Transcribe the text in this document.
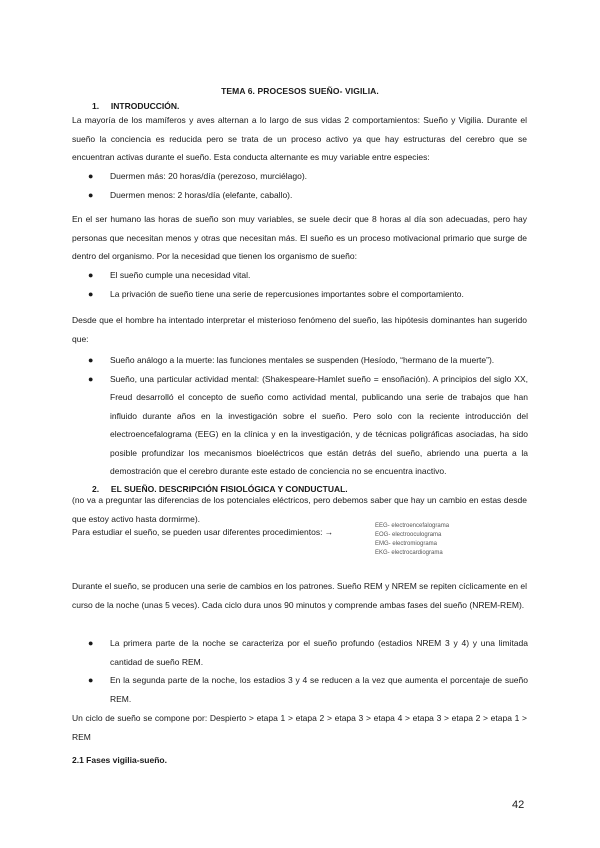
TEMA 6. PROCESOS SUEÑO- VIGILIA.
1.     INTRODUCCIÓN.

La mayoría de los mamíferos y aves alternan a lo largo de sus vidas 2 comportamientos: Sueño y Vigilia. Durante el sueño la conciencia es reducida pero se trata de un proceso activo ya que hay estructuras del cerebro que se encuentran activas durante el sueño. Esta conducta alternante es muy variable entre especies:

● Duermen más: 20 horas/día (perezoso, murciélago).
● Duermen menos: 2 horas/día (elefante, caballo).

En el ser humano las horas de sueño son muy variables, se suele decir que 8 horas al día son adecuadas, pero hay personas que necesitan menos y otras que necesitan más. El sueño es un proceso motivacional primario que surge de dentro del organismo. Por la necesidad que tienen los organismo de sueño:

● El sueño cumple una necesidad vital.
● La privación de sueño tiene una serie de repercusiones importantes sobre el comportamiento.

Desde que el hombre ha intentado interpretar el misterioso fenómeno del sueño, las hipótesis dominantes han sugerido que:

● Sueño análogo a la muerte: las funciones mentales se suspenden (Hesíodo, “hermano de la muerte”).
● Sueño, una particular actividad mental: (Shakespeare-Hamlet sueño = ensoñación). A principios del siglo XX, Freud desarrolló el concepto de sueño como actividad mental, publicando una serie de trabajos que han influido durante años en la investigación sobre el sueño. Pero solo con la reciente introducción del electroencefalograma (EEG) en la clínica y en la investigación, y de técnicas poligráficas asociadas, ha sido posible profundizar los mecanismos bioeléctricos que están detrás del sueño, abriendo una puerta a la demostración que el cerebro durante este estado de conciencia no se encuentra inactivo.
2.     EL SUEÑO. DESCRIPCIÓN FISIOLÓGICA Y CONDUCTUAL.

(no va a preguntar las diferencias de los potenciales eléctricos, pero debemos saber que hay un cambio en estas desde que estoy activo hasta dormirme).

Para estudiar el sueño, se pueden usar diferentes procedimientos: →
EEG- electroencefalograma
EOG- electrooculograma
EMG- electromiograma
EKG- electrocardiograma

Durante el sueño, se producen una serie de cambios en los patrones. Sueño REM y NREM se repiten cíclicamente en el curso de la noche (unas 5 veces). Cada ciclo dura unos 90 minutos y comprende ambas fases del sueño (NREM-REM).

● La primera parte de la noche se caracteriza por el sueño profundo (estadios NREM 3 y 4) y una limitada cantidad de sueño REM.
● En la segunda parte de la noche, los estadios 3 y 4 se reducen a la vez que aumenta el porcentaje de sueño REM.

Un ciclo de sueño se compone por: Despierto > etapa 1 > etapa 2 > etapa 3 > etapa 4 > etapa 3 > etapa 2 > etapa 1 > REM

2.1 Fases vigilia-sueño.
42
